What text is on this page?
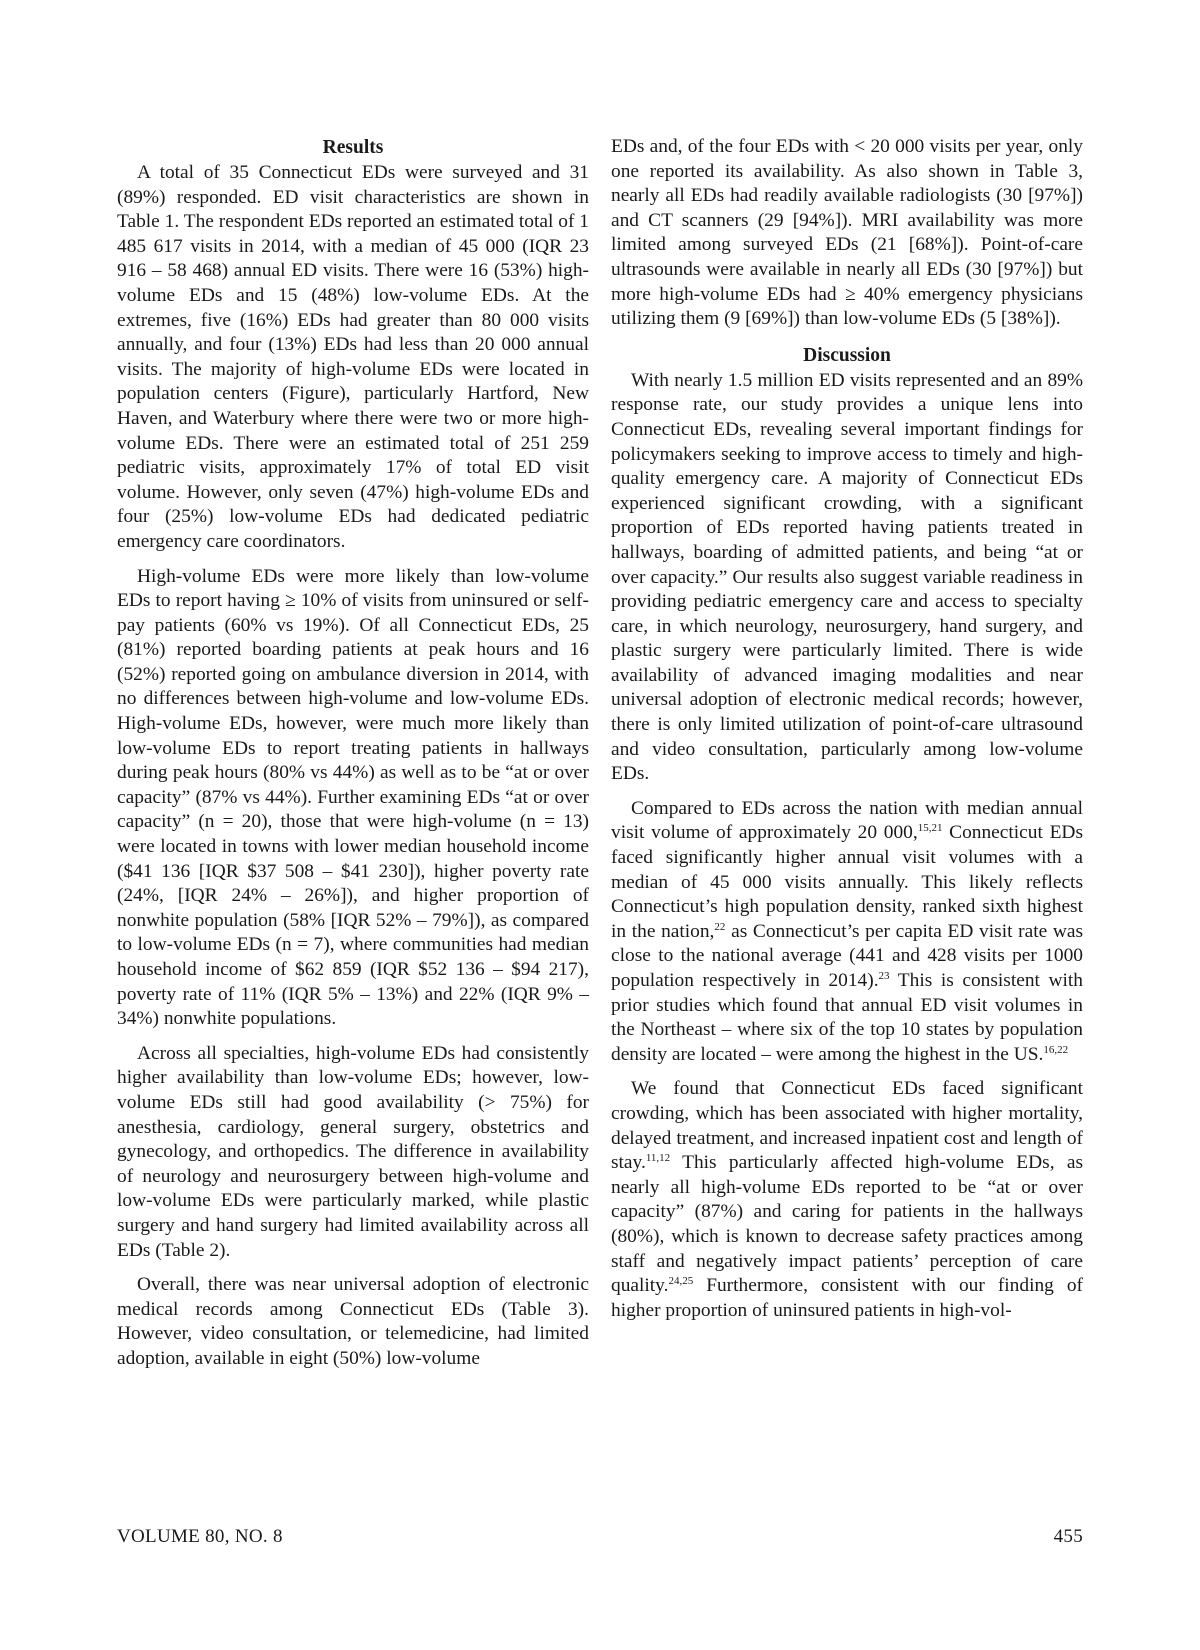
Results

A total of 35 Connecticut EDs were surveyed and 31 (89%) responded. ED visit characteristics are shown in Table 1. The respondent EDs reported an estimated total of 1 485 617 visits in 2014, with a median of 45 000 (IQR 23 916 – 58 468) annual ED visits. There were 16 (53%) high-volume EDs and 15 (48%) low-volume EDs. At the extremes, five (16%) EDs had greater than 80 000 visits annually, and four (13%) EDs had less than 20 000 annual visits. The majority of high-volume EDs were located in population centers (Figure), particularly Hartford, New Haven, and Waterbury where there were two or more high-volume EDs. There were an estimated total of 251 259 pediatric visits, approximately 17% of total ED visit volume. However, only seven (47%) high-volume EDs and four (25%) low-volume EDs had dedicated pediatric emergency care coordinators.

High-volume EDs were more likely than low-volume EDs to report having ≥ 10% of visits from uninsured or self-pay patients (60% vs 19%). Of all Connecticut EDs, 25 (81%) reported boarding patients at peak hours and 16 (52%) reported going on ambulance diversion in 2014, with no differences between high-volume and low-volume EDs. High-volume EDs, however, were much more likely than low-volume EDs to report treating patients in hallways during peak hours (80% vs 44%) as well as to be “at or over capacity” (87% vs 44%). Further examining EDs “at or over capacity” (n = 20), those that were high-volume (n = 13) were located in towns with lower median household income ($41 136 [IQR $37 508 – $41 230]), higher poverty rate (24%, [IQR 24% – 26%]), and higher proportion of nonwhite population (58% [IQR 52% – 79%]), as compared to low-volume EDs (n = 7), where communities had median household income of $62 859 (IQR $52 136 – $94 217), poverty rate of 11% (IQR 5% – 13%) and 22% (IQR 9% – 34%) nonwhite populations.

Across all specialties, high-volume EDs had consistently higher availability than low-volume EDs; however, low-volume EDs still had good availability (> 75%) for anesthesia, cardiology, general surgery, obstetrics and gynecology, and orthopedics. The difference in availability of neurology and neurosurgery between high-volume and low-volume EDs were particularly marked, while plastic surgery and hand surgery had limited availability across all EDs (Table 2).

Overall, there was near universal adoption of electronic medical records among Connecticut EDs (Table 3). However, video consultation, or telemedicine, had limited adoption, available in eight (50%) low-volume

EDs and, of the four EDs with < 20 000 visits per year, only one reported its availability. As also shown in Table 3, nearly all EDs had readily available radiologists (30 [97%]) and CT scanners (29 [94%]). MRI availability was more limited among surveyed EDs (21 [68%]). Point-of-care ultrasounds were available in nearly all EDs (30 [97%]) but more high-volume EDs had ≥ 40% emergency physicians utilizing them (9 [69%]) than low-volume EDs (5 [38%]).

Discussion

With nearly 1.5 million ED visits represented and an 89% response rate, our study provides a unique lens into Connecticut EDs, revealing several important findings for policymakers seeking to improve access to timely and high-quality emergency care. A majority of Connecticut EDs experienced significant crowding, with a significant proportion of EDs reported having patients treated in hallways, boarding of admitted patients, and being “at or over capacity.” Our results also suggest variable readiness in providing pediatric emergency care and access to specialty care, in which neurology, neurosurgery, hand surgery, and plastic surgery were particularly limited. There is wide availability of advanced imaging modalities and near universal adoption of electronic medical records; however, there is only limited utilization of point-of-care ultrasound and video consultation, particularly among low-volume EDs.

Compared to EDs across the nation with median annual visit volume of approximately 20 000,$^{15,21}$ Connecticut EDs faced significantly higher annual visit volumes with a median of 45 000 visits annually. This likely reflects Connecticut’s high population density, ranked sixth highest in the nation,$^{22}$ as Connecticut’s per capita ED visit rate was close to the national average (441 and 428 visits per 1000 population respectively in 2014).$^{23}$ This is consistent with prior studies which found that annual ED visit volumes in the Northeast – where six of the top 10 states by population density are located – were among the highest in the US.$^{16,22}$

We found that Connecticut EDs faced significant crowding, which has been associated with higher mortality, delayed treatment, and increased inpatient cost and length of stay.$^{11,12}$ This particularly affected high-volume EDs, as nearly all high-volume EDs reported to be “at or over capacity” (87%) and caring for patients in the hallways (80%), which is known to decrease safety practices among staff and negatively impact patients’ perception of care quality.$^{24,25}$ Furthermore, consistent with our finding of higher proportion of uninsured patients in high-vol-

VOLUME 80, NO. 8	455
